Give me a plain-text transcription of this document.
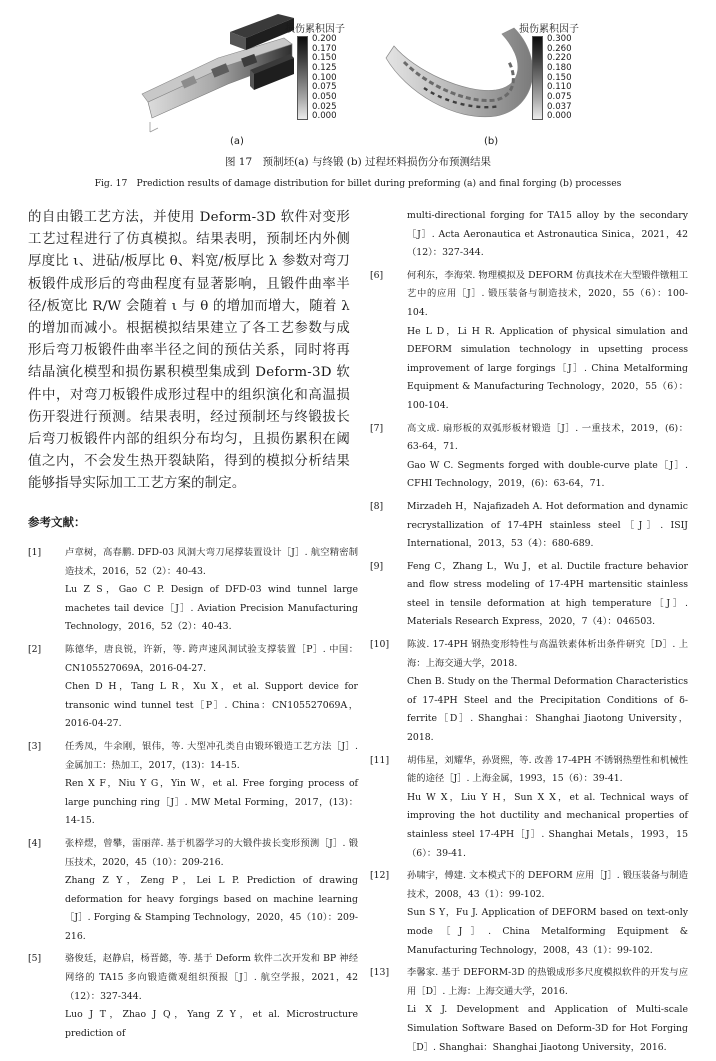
损伤累积因子
0.200
0.170
0.150
0.125
0.100
0.075
0.050
0.025
0.000
(a)
损伤累积因子
0.300
0.260
0.220
0.180
0.150
0.110
0.075
0.037
0.000
(b)
图 17　预制坯(a) 与终锻 (b) 过程坯料损伤分布预测结果
Fig. 17　Prediction results of damage distribution for billet during preforming (a) and final forging (b) processes

的自由锻工艺方法，并使用 Deform-3D 软件对变形工艺过程进行了仿真模拟。结果表明，预制坯内外侧厚度比 ι、进砧/板厚比 θ、料宽/板厚比 λ 参数对弯刀板锻件成形后的弯曲程度有显著影响，且锻件曲率半径/板宽比 R/W 会随着 ι 与 θ 的增加而增大，随着 λ 的增加而减小。根据模拟结果建立了各工艺参数与成形后弯刀板锻件曲率半径之间的预估关系，同时将再结晶演化模型和损伤累积模型集成到 Deform-3D 软件中，对弯刀板锻件成形过程中的组织演化和高温损伤开裂进行预测。结果表明，经过预制坯与终锻拔长后弯刀板锻件内部的组织分布均匀，且损伤累积在阈值之内，不会发生热开裂缺陷，得到的模拟分析结果能够指导实际加工工艺方案的制定。

参考文献：
[1]	卢章树，高春鹏. DFD-03 风洞大弯刀尾撑装置设计［J］. 航空精密制造技术，2016，52（2）：40-43.
Lu Z S，Gao C P. Design of DFD-03 wind tunnel large machetes tail device［J］. Aviation Precision Manufacturing Technology，2016，52（2）：40-43.
[2]	陈德华，唐良锐，许新，等. 跨声速风洞试验支撑装置［P］. 中国：CN105527069A，2016-04-27.
Chen D H，Tang L R，Xu X，et al. Support device for transonic wind tunnel test［P］. China：CN105527069A，2016-04-27.
[3]	任秀凤，牛余刚，银伟，等. 大型冲孔类自由锻环锻造工艺方法［J］. 金属加工：热加工，2017，(13)：14-15.
Ren X F，Niu Y G，Yin W，et al. Free forging process of large punching ring［J］. MW Metal Forming，2017，(13)：14-15.
[4]	张梓熤，曾攀，雷丽萍. 基于机器学习的大锻件拔长变形预测［J］. 锻压技术，2020，45（10）：209-216.
Zhang Z Y，Zeng P，Lei L P. Prediction of drawing deformation for heavy forgings based on machine learning［J］. Forging & Stamping Technology，2020，45（10）：209-216.
[5]	骆俊廷，赵静启，杨晋懿，等. 基于 Deform 软件二次开发和 BP 神经网络的 TA15 多向锻造微观组织预报［J］. 航空学报，2021，42（12）：327-344.
Luo J T，Zhao J Q，Yang Z Y，et al. Microstructure prediction of
multi-directional forging for TA15 alloy by the secondary［J］. Acta Aeronautica et Astronautica Sinica，2021，42（12）：327-344.
[6]	何利东，李海荣. 物理模拟及 DEFORM 仿真技术在大型锻件镦粗工艺中的应用［J］. 锻压装备与制造技术，2020，55（6）：100-104.
He L D，Li H R. Application of physical simulation and DEFORM simulation technology in upsetting process improvement of large forgings［J］. China Metalforming Equipment & Manufacturing Technology，2020，55（6）：100-104.
[7]	高文成. 扇形板的双弧形板材锻造［J］. 一重技术，2019，(6)：63-64，71.
Gao W C. Segments forged with double-curve plate［J］. CFHI Technology，2019，(6)：63-64，71.
[8]	Mirzadeh H，Najafizadeh A. Hot deformation and dynamic recrystallization of 17-4PH stainless steel［J］. ISIJ International，2013，53（4）：680-689.
[9]	Feng C，Zhang L，Wu J，et al. Ductile fracture behavior and flow stress modeling of 17-4PH martensitic stainless steel in tensile deformation at high temperature［J］. Materials Research Express，2020，7（4）：046503.
[10] 陈波. 17-4PH 钢热变形特性与高温铁素体析出条件研究［D］. 上海：上海交通大学，2018.
Chen B. Study on the Thermal Deformation Characteristics of 17-4PH Steel and the Precipitation Conditions of δ-ferrite［D］. Shanghai：Shanghai Jiaotong University，2018.
[11] 胡伟星，刘耀华，孙贤熙，等. 改善 17-4PH 不锈钢热塑性和机械性能的途径［J］. 上海金属，1993，15（6）：39-41.
Hu W X，Liu Y H，Sun X X，et al. Technical ways of improving the hot ductility and mechanical properties of stainless steel 17-4PH［J］. Shanghai Metals，1993，15（6）：39-41.
[12] 孙啸宇，傅建. 文本模式下的 DEFORM 应用［J］. 锻压装备与制造技术，2008，43（1）：99-102.
Sun S Y，Fu J. Application of DEFORM based on text-only mode［J］. China Metalforming Equipment & Manufacturing Technology，2008，43（1）：99-102.
[13] 李馨家. 基于 DEFORM-3D 的热锻成形多尺度模拟软件的开发与应用［D］. 上海：上海交通大学，2016.
Li X J. Development and Application of Multi-scale Simulation Software Based on Deform-3D for Hot Forging［D］. Shanghai：Shanghai Jiaotong University，2016.
